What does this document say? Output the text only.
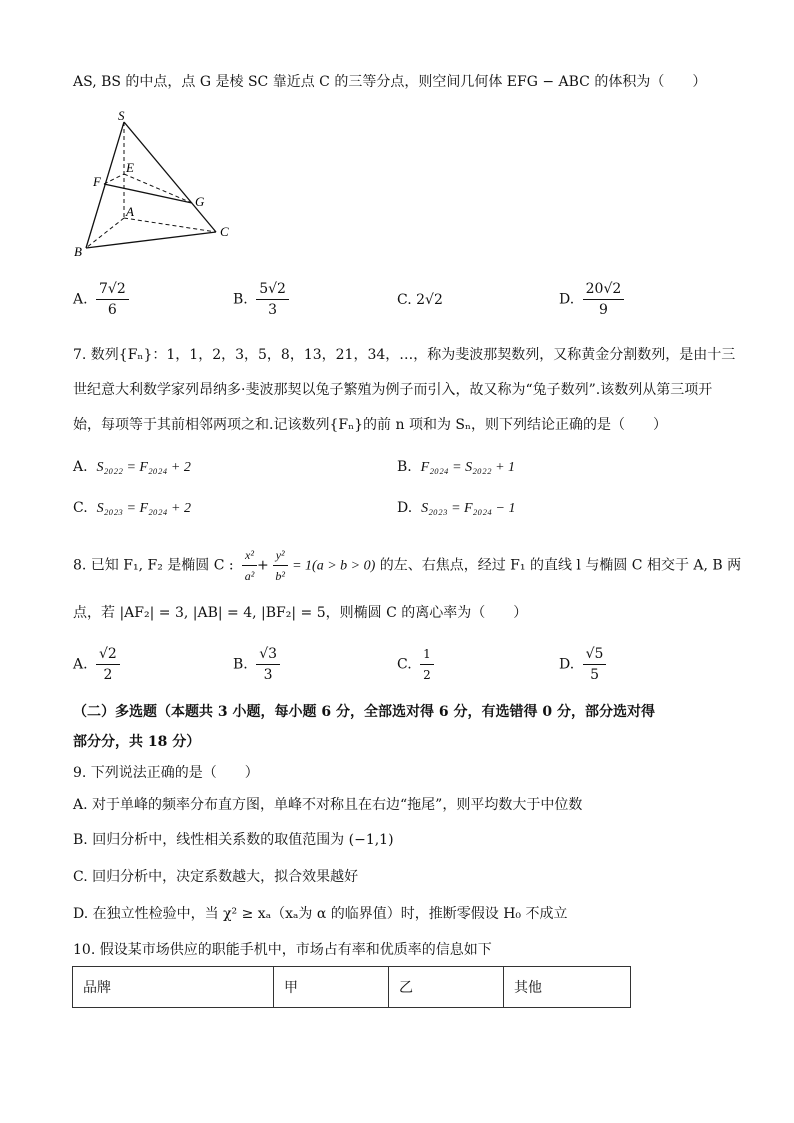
AS, BS 的中点，点 G 是棱 SC 靠近点 C 的三等分点，则空间几何体 EFG − ABC 的体积为（　　）
S
E
F
G
A
B
C
A. $\frac{7√2}{6}$	B. $\frac{5√2}{3}$	C. 2√2	D. $\frac{20√2}{9}$
7. 数列{Fₙ}：1，1，2，3，5，8，13，21，34，…，称为斐波那契数列，又称黄金分割数列，是由十三
世纪意大利数学家列昂纳多·斐波那契以兔子繁殖为例子而引入，故又称为“兔子数列”.该数列从第三项开
始，每项等于其前相邻两项之和.记该数列{Fₙ}的前 n 项和为 Sₙ，则下列结论正确的是（　　）
A. S₂₀₂₂ = F₂₀₂₄ + 2	B. F₂₀₂₄ = S₂₀₂₂ + 1
C. S₂₀₂₃ = F₂₀₂₄ + 2	D. S₂₀₂₃ = F₂₀₂₄ − 1
8. 已知 F₁, F₂ 是椭圆 C : $\frac{\text{x²}}{\text{a²}} + \frac{\text{y²}}{\text{b²}} = 1(a > b > 0)$ 的左、右焦点，经过 F₁ 的直线 l 与椭圆 C 相交于 A, B 两
点，若 |AF₂| = 3, |AB| = 4, |BF₂| = 5，则椭圆 C 的离心率为（　　）
A. $\frac{√2}{2}$	B. $\frac{√3}{3}$	C. $\frac{1}{2}$	D. $\frac{√5}{5}$
（二）多选题（本题共 3 小题，每小题 6 分，全部选对得 6 分，有选错得 0 分，部分选对得
部分分，共 18 分）
9. 下列说法正确的是（　　）
A. 对于单峰的频率分布直方图，单峰不对称且在右边“拖尾”，则平均数大于中位数
B. 回归分析中，线性相关系数的取值范围为 (−1,1)
C. 回归分析中，决定系数越大，拟合效果越好
D. 在独立性检验中，当 χ² ≥ xₐ（xₐ为 α 的临界值）时，推断零假设 H₀ 不成立
10. 假设某市场供应的职能手机中，市场占有率和优质率的信息如下
品牌	甲	乙	其他
